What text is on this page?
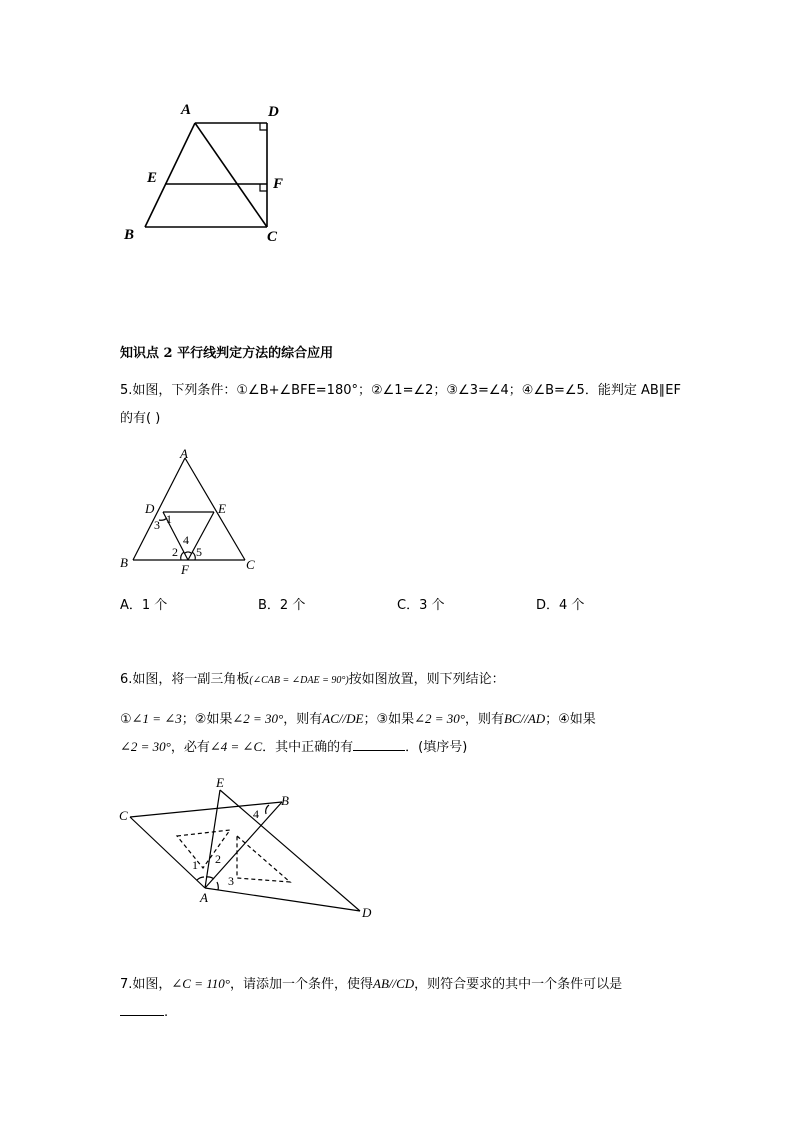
A	D
E	F
B	C
知识点 2 平行线判定方法的综合应用
5.如图，下列条件：①∠B+∠BFE=180°；②∠1=∠2；③∠3=∠4；④∠B=∠5．能判定 AB∥EF
的有( )
A
D	E
B	C
F
1
2
3
4
5
A．1 个	B．2 个	C．3 个	D．4 个
6.如图，将一副三角板(∠CAB = ∠DAE = 90°)按如图放置，则下列结论：
①∠1 = ∠3；②如果∠2 = 30°，则有AC//DE；③如果∠2 = 30°，则有BC//AD；④如果
∠2 = 30°，必有∠4 = ∠C．其中正确的有	．(填序号)
C
E
B
A
D
1 2
3
4
7.如图，∠C = 110°，请添加一个条件，使得AB//CD，则符合要求的其中一个条件可以是
.
